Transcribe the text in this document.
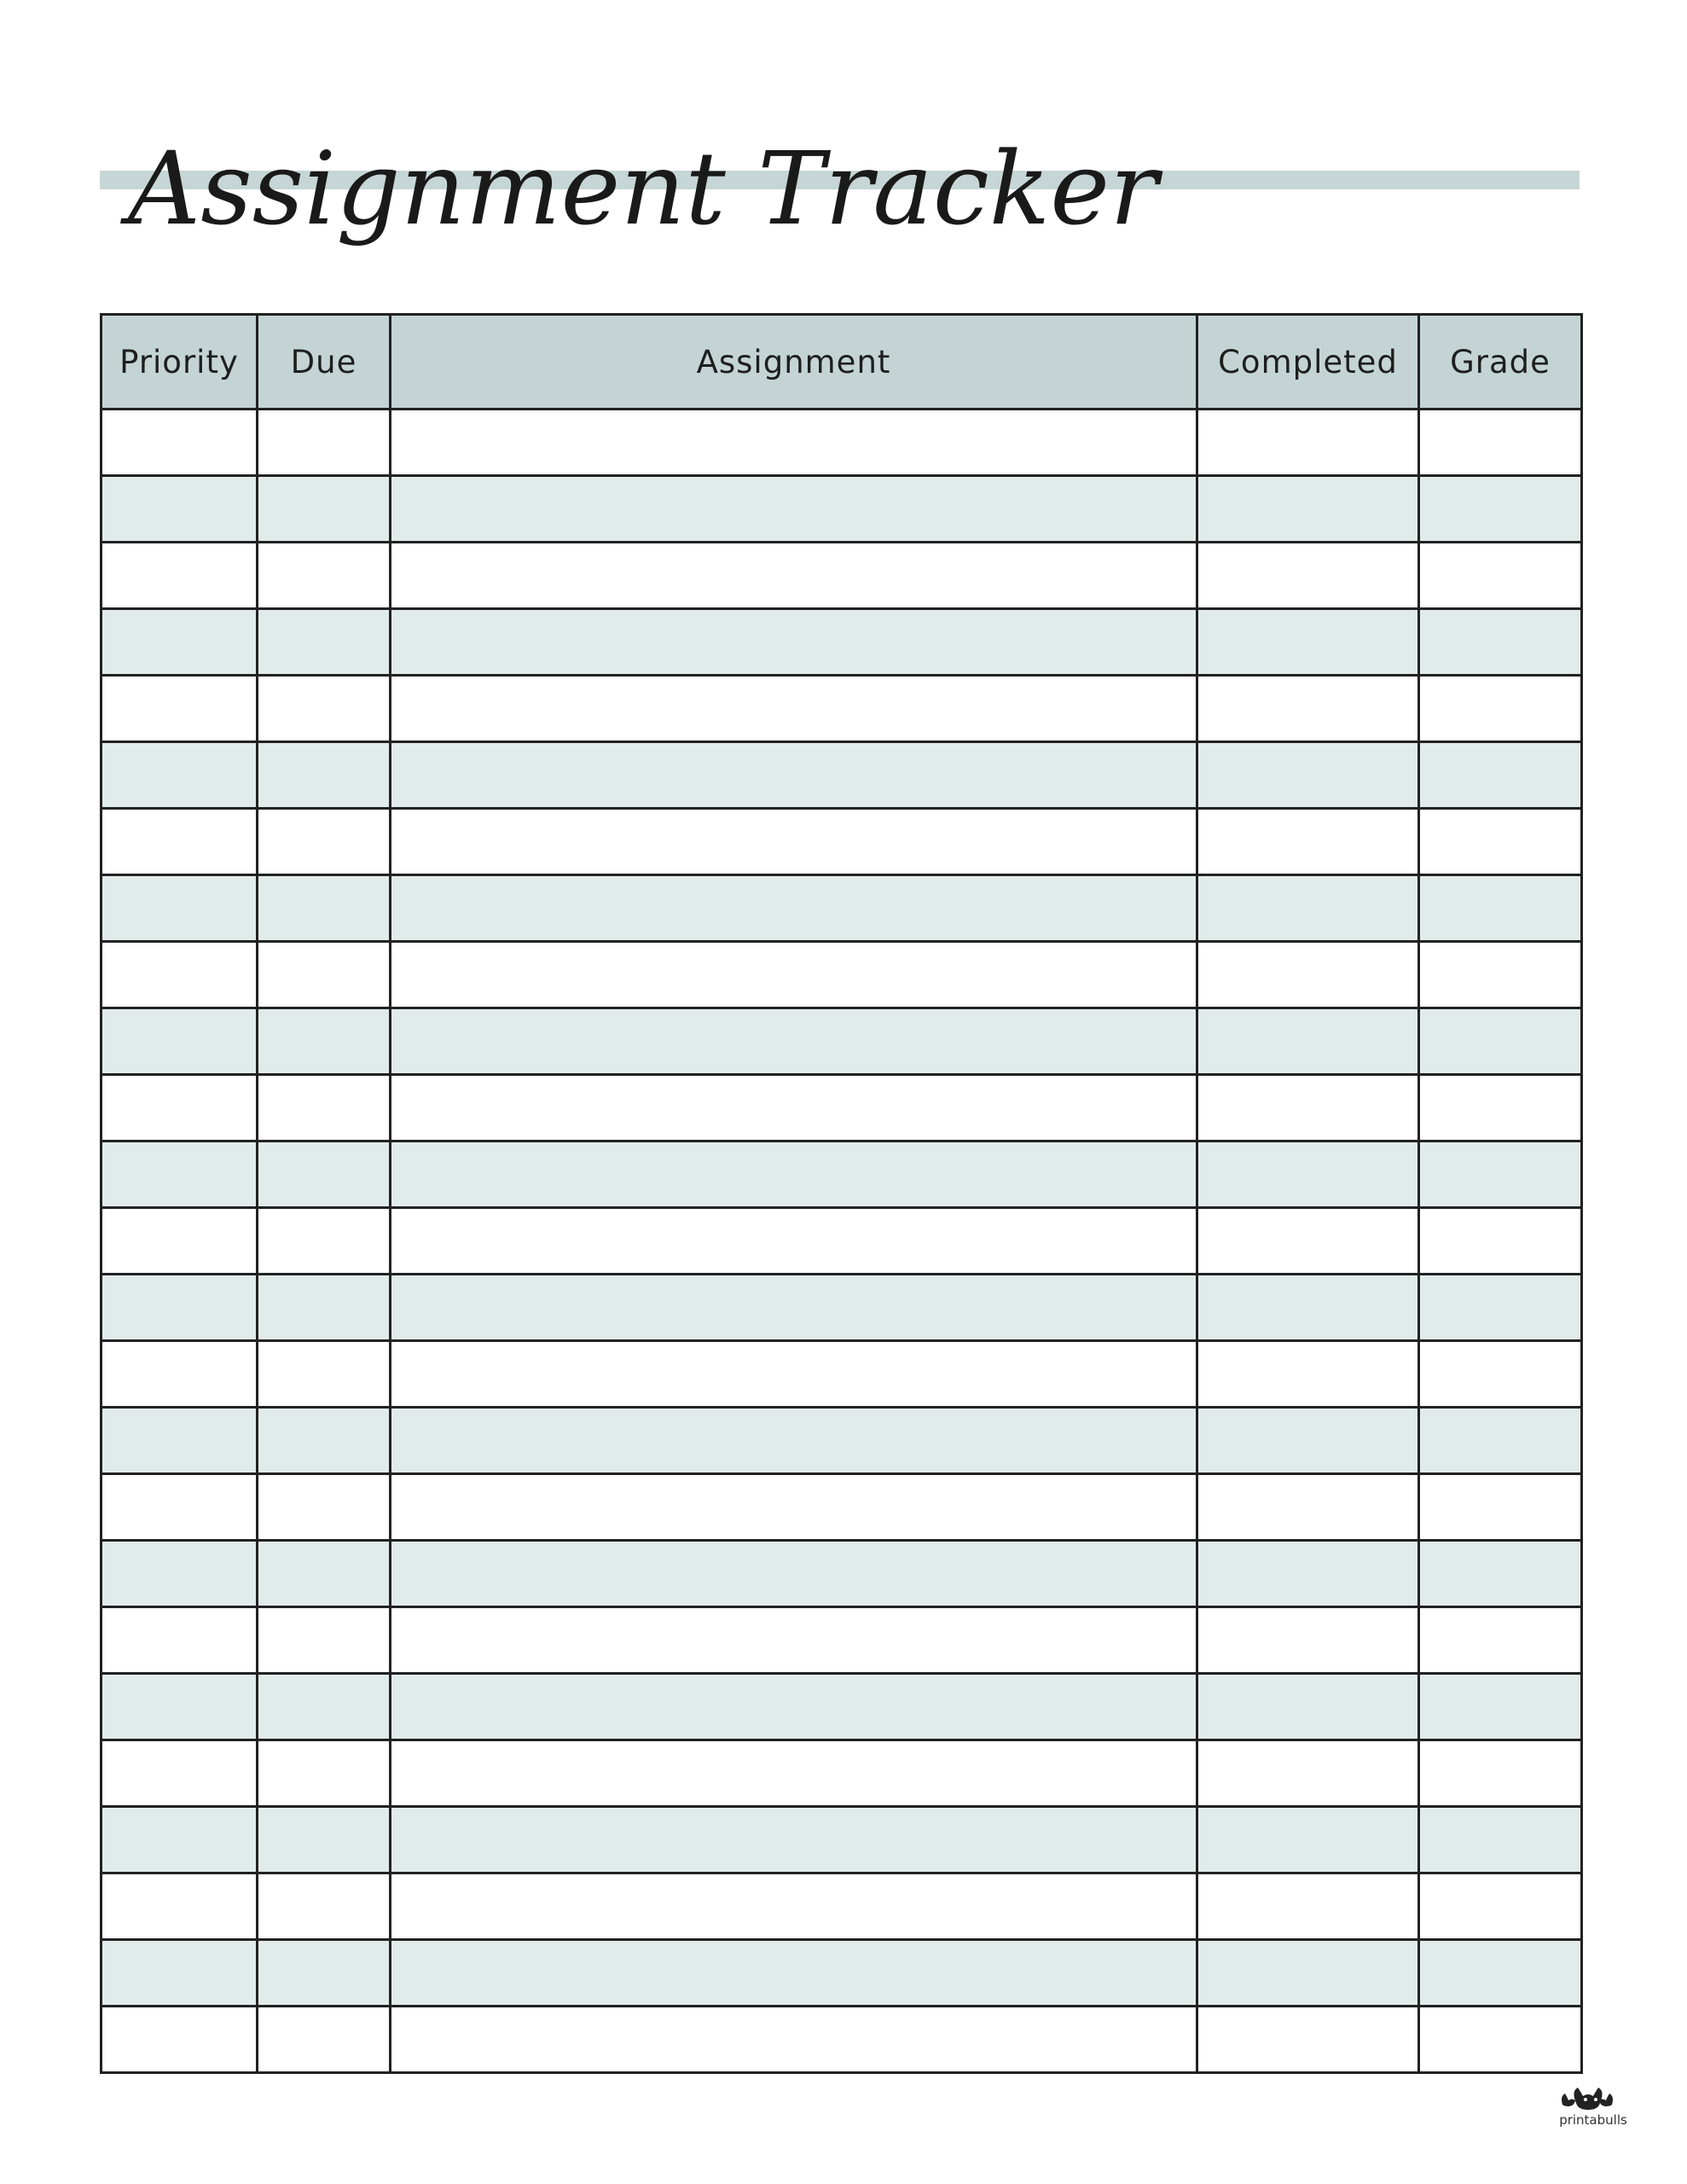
Assignment Tracker
Priority	Due	Assignment	Completed	Grade

printabulls
